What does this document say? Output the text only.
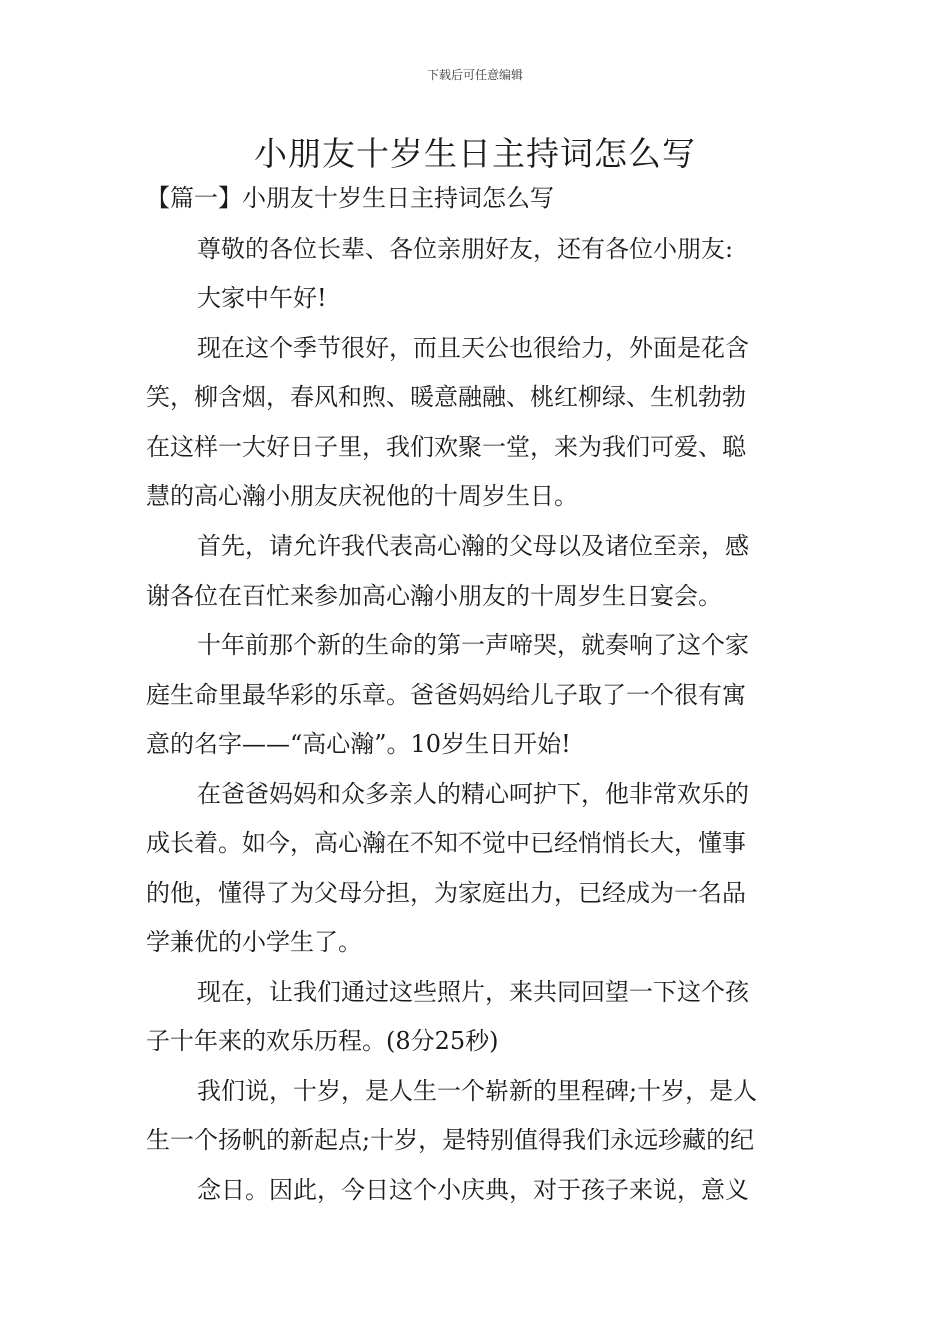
下载后可任意编辑
小朋友十岁生日主持词怎么写

【篇一】小朋友十岁生日主持词怎么写

尊敬的各位长辈、各位亲朋好友，还有各位小朋友:

大家中午好!

现在这个季节很好，而且天公也很给力，外面是花含

笑，柳含烟，春风和煦、暖意融融、桃红柳绿、生机勃勃

在这样一大好日子里，我们欢聚一堂，来为我们可爱、聪

慧的高心瀚小朋友庆祝他的十周岁生日。

首先，请允许我代表高心瀚的父母以及诸位至亲，感

谢各位在百忙来参加高心瀚小朋友的十周岁生日宴会。

十年前那个新的生命的第一声啼哭，就奏响了这个家

庭生命里最华彩的乐章。爸爸妈妈给儿子取了一个很有寓

意的名字——“高心瀚”。10岁生日开始!

在爸爸妈妈和众多亲人的精心呵护下，他非常欢乐的

成长着。如今，高心瀚在不知不觉中已经悄悄长大，懂事

的他，懂得了为父母分担，为家庭出力，已经成为一名品

学兼优的小学生了。

现在，让我们通过这些照片，来共同回望一下这个孩

子十年来的欢乐历程。(8分25秒)

我们说，十岁，是人生一个崭新的里程碑;十岁，是人

生一个扬帆的新起点;十岁，是特别值得我们永远珍藏的纪

念日。因此，今日这个小庆典，对于孩子来说，意义
